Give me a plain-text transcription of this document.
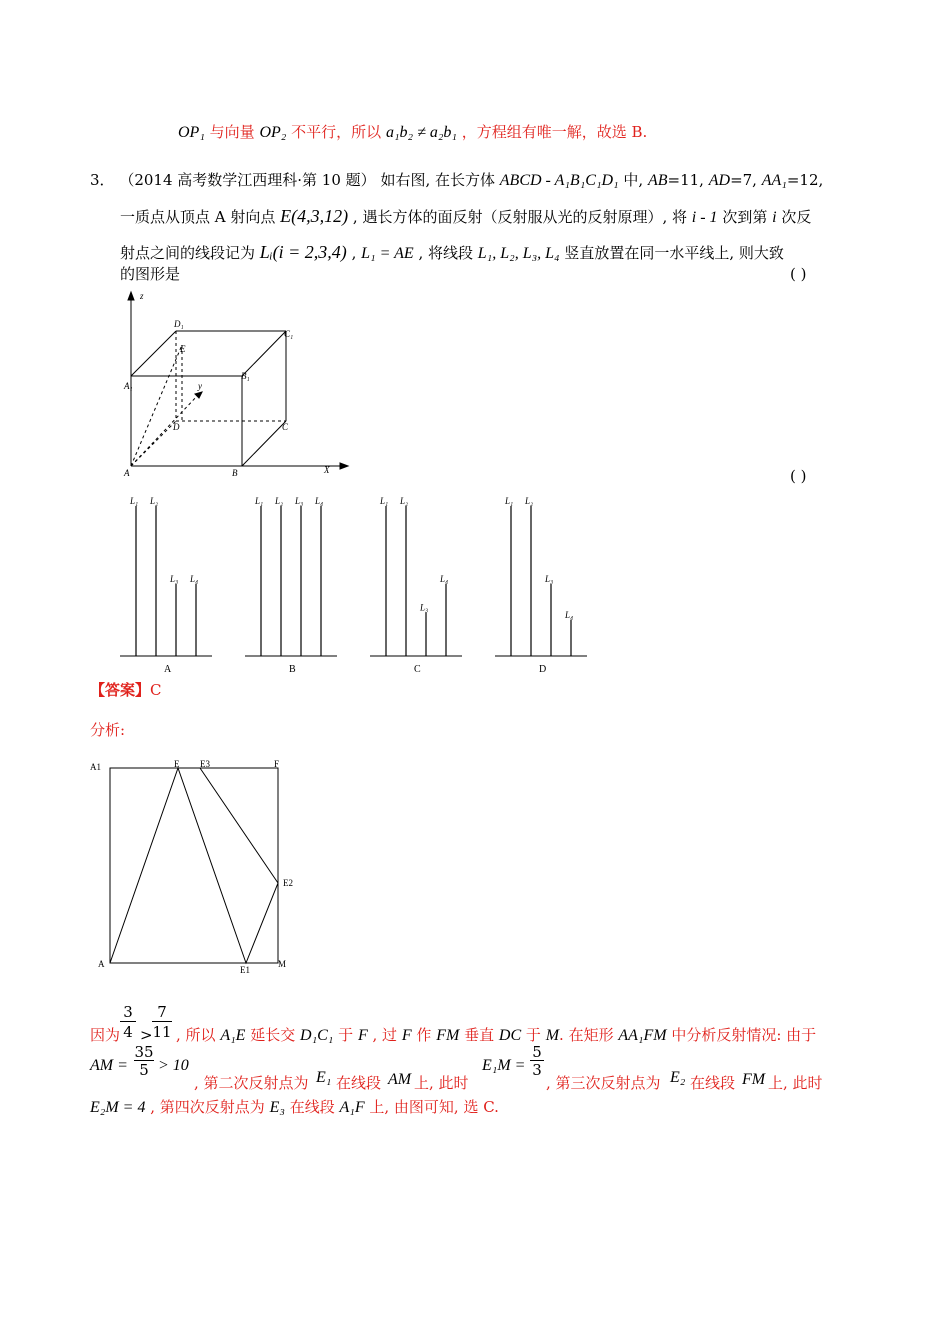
OP₁ 与向量 OP₂ 不平行，所以 a₁b₂ ≠ a₂b₁ ，方程组有唯一解，故选 B.
3． （2014 高考数学江西理科·第 10 题） 如右图, 在长方体 ABCD - A₁B₁C₁D₁ 中, AB=11, AD=7, AA₁=12,
一质点从顶点 A 射向点 E(4,3,12) , 遇长方体的面反射（反射服从光的反射原理）, 将 i - 1 次到第 i 次反
射点之间的线段记为 Lᵢ(i = 2,3,4) , L₁ = AE , 将线段 L₁, L₂, L₃, L₄ 竖直放置在同一水平线上, 则大致
的图形是	( )
( )
A	B
C
D
E
A₁
B₁
C₁
D₁
z
X
y
L₁ L₂
L₃ L₄
A
L₁ L₂ L₃ L₄
B
L₁ L₂
L₃
L₄
C
L₁ L₂
L₃
L₄
D
【答案】C
分析:
A1	E E3	F
E2
A
E1
M
因为 $\frac{3}{4} > \frac{7}{11}$ , 所以 A₁E 延长交 D₁C₁ 于 F , 过 F 作 FM 垂直 DC 于 M. 在矩形 AA₁FM 中分析反射情况: 由于
AM = $\frac{35}{5} > 10$
, 第二次反射点为 E₁ 在线段 AM 上, 此时
$E_1M = \frac{5}{3}$
, 第三次反射点为 E₂ 在线段 FM 上, 此时
E₂M = 4 , 第四次反射点为 E₃ 在线段 A₁F 上, 由图可知, 选 C.
